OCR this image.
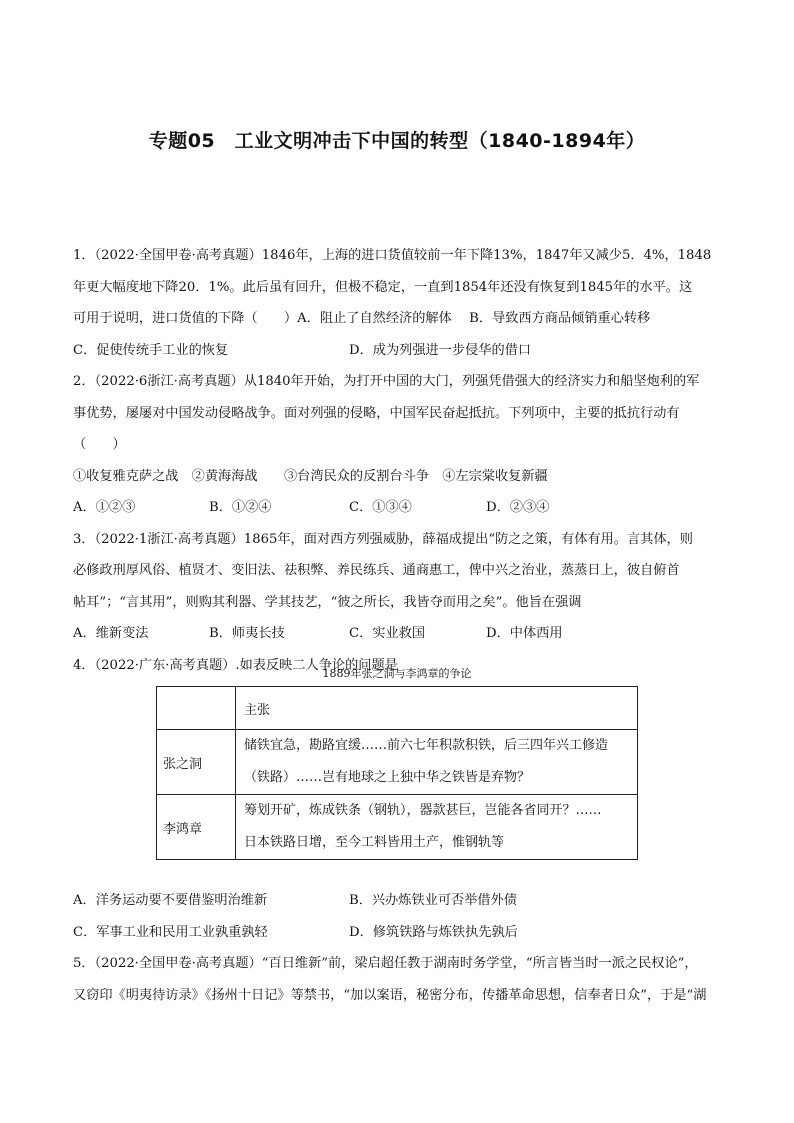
专题05　工业文明冲击下中国的转型（1840-1894年）
1．（2022·全国甲卷·高考真题）1846年，上海的进口货值较前一年下降13%，1847年又减少5．4%，1848
年更大幅度地下降20．1%。此后虽有回升，但极不稳定，一直到1854年还没有恢复到1845年的水平。这
可用于说明，进口货值的下降（　　）A．阻止了自然经济的解体　 B．导致西方商品倾销重心转移
C．促使传统手工业的恢复	D．成为列强进一步侵华的借口
2．（2022·6浙江·高考真题）从1840年开始，为打开中国的大门，列强凭借强大的经济实力和船坚炮利的军
事优势，屡屡对中国发动侵略战争。面对列强的侵略，中国军民奋起抵抗。下列项中，主要的抵抗行动有
（　　）
①收复雅克萨之战　②黄海海战　　③台湾民众的反割台斗争　④左宗棠收复新疆
A．①②③	B．①②④	C．①③④	D．②③④
3．（2022·1浙江·高考真题）1865年，面对西方列强威胁，薛福成提出“防之之策，有体有用。言其体，则
必修政刑厚风俗、植贤才、变旧法、祛积弊、养民练兵、通商惠工，俾中兴之治业，蒸蒸日上，彼自俯首
帖耳”；“言其用”，则购其利器、学其技艺，“彼之所长，我皆夺而用之矣”。他旨在强调
A．维新变法	B．师夷长技	C．实业救国	D．中体西用
4．（2022·广东·高考真题）.如表反映二人争论的问题是
1889年张之洞与李鸿章的争论
	主张
张之洞	储铁宜急，勘路宜缓……前六七年积款积铁，后三四年兴工修造
（铁路）……岂有地球之上独中华之铁皆是弃物？

李鸿章	筹划开矿，炼成铁条（钢轨），器款甚巨，岂能各省同开？……
日本铁路日增，至今工料皆用土产，惟钢轨等
A．洋务运动要不要借鉴明治维新	B．兴办炼铁业可否举借外债
C．军事工业和民用工业孰重孰轻	D．修筑铁路与炼铁执先孰后
5．（2022·全国甲卷·高考真题）“百日维新”前，梁启超任教于湖南时务学堂，“所言皆当时一派之民权论”，
又窃印《明夷待访录》《扬州十日记》等禁书，“加以案语，秘密分布，传播革命思想，信奉者日众”，于是“湖
